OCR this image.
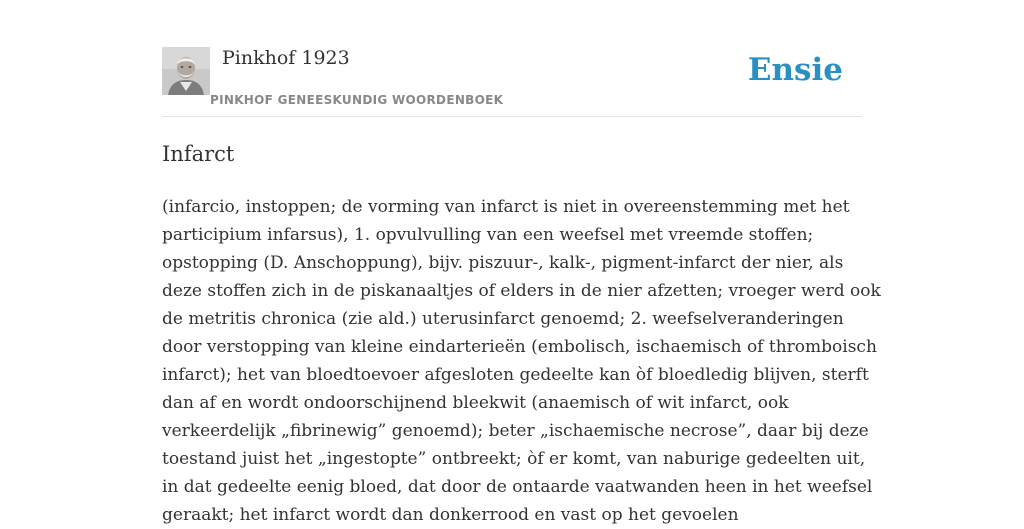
Pinkhof 1923
PINKHOF GENEESKUNDIG WOORDENBOEK
Ensie
Infarct
(infarcio, instoppen; de vorming van infarct is niet in overeenstemming met het
participium infarsus), 1. opvulvulling van een weefsel met vreemde stoffen;
opstopping (D. Anschoppung), bijv. piszuur-, kalk-, pigment-infarct der nier, als
deze stoffen zich in de piskanaaltjes of elders in de nier afzetten; vroeger werd ook
de metritis chronica (zie ald.) uterusinfarct genoemd; 2. weefselveranderingen
door verstopping van kleine eindarterieën (embolisch, ischaemisch of thromboisch
infarct); het van bloedtoevoer afgesloten gedeelte kan òf bloedledig blijven, sterft
dan af en wordt ondoorschijnend bleekwit (anaemisch of wit infarct, ook
verkeerdelijk „fibrinewig” genoemd); beter „ischaemische necrose”, daar bij deze
toestand juist het „ingestopte” ontbreekt; òf er komt, van naburige gedeelten uit,
in dat gedeelte eenig bloed, dat door de ontaarde vaatwanden heen in het weefsel
geraakt; het infarct wordt dan donkerrood en vast op het gevoelen
